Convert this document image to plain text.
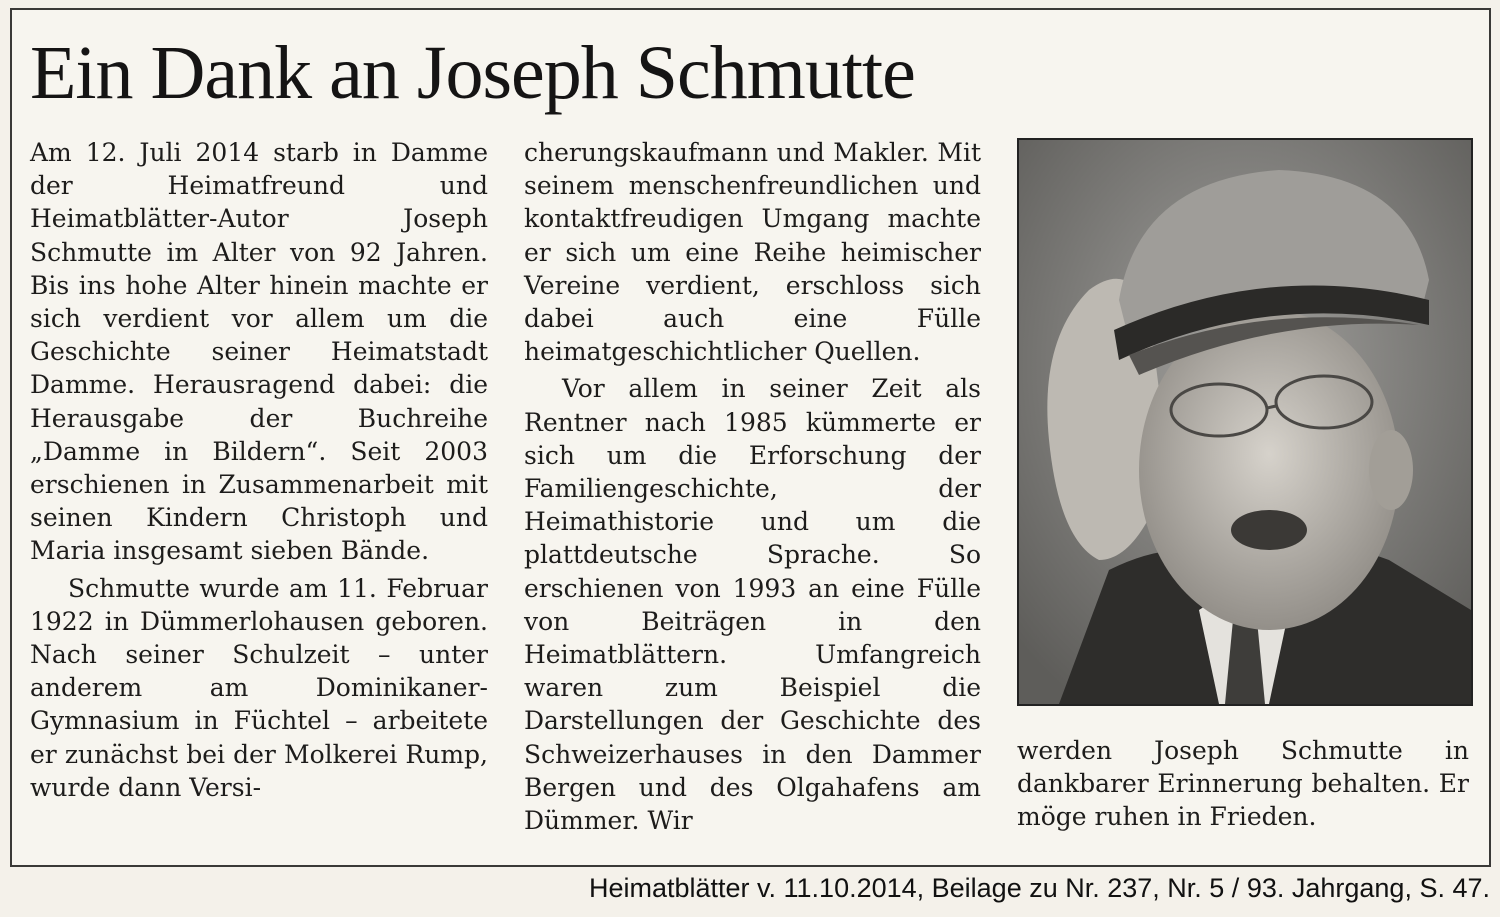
Ein Dank an Joseph Schmutte

Am 12. Juli 2014 starb in Damme der Heimatfreund und Heimatblätter-Autor Joseph Schmutte im Alter von 92 Jahren. Bis ins hohe Alter hinein machte er sich verdient vor allem um die Geschichte seiner Heimatstadt Damme. Herausragend dabei: die Herausgabe der Buchreihe „Damme in Bildern“. Seit 2003 erschienen in Zusammenarbeit mit seinen Kindern Christoph und Maria insgesamt sieben Bände.

Schmutte wurde am 11. Februar 1922 in Dümmerlohausen geboren. Nach seiner Schulzeit – unter anderem am Dominikaner-Gymnasium in Füchtel – arbeitete er zunächst bei der Molkerei Rump, wurde dann Versi-

cherungskaufmann und Makler. Mit seinem menschenfreundlichen und kontaktfreudigen Umgang machte er sich um eine Reihe heimischer Vereine verdient, erschloss sich dabei auch eine Fülle heimatgeschichtlicher Quellen.

Vor allem in seiner Zeit als Rentner nach 1985 kümmerte er sich um die Erforschung der Familiengeschichte, der Heimathistorie und um die plattdeutsche Sprache. So erschienen von 1993 an eine Fülle von Beiträgen in den Heimatblättern. Umfangreich waren zum Beispiel die Darstellungen der Geschichte des Schweizerhauses in den Dammer Bergen und des Olgahafens am Dümmer. Wir

werden Joseph Schmutte in dankbarer Erinnerung behalten. Er möge ruhen in Frieden.

Heimatblätter v. 11.10.2014, Beilage zu Nr. 237, Nr. 5 / 93. Jahrgang, S. 47.
